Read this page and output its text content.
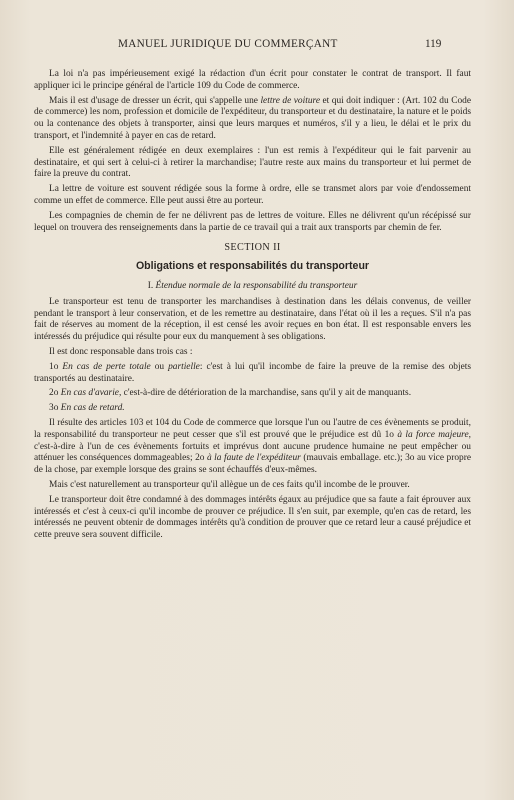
MANUEL JURIDIQUE DU COMMERÇANT	119

La loi n'a pas impérieusement exigé la rédaction d'un écrit pour constater le contrat de transport. Il faut appliquer ici le principe général de l'article 109 du Code de commerce.

Mais il est d'usage de dresser un écrit, qui s'appelle une lettre de voiture et qui doit indiquer : (Art. 102 du Code de commerce) les nom, profession et domicile de l'expéditeur, du transporteur et du destinataire, la nature et le poids ou la contenance des objets à transporter, ainsi que leurs marques et numéros, s'il y a lieu, le délai et le prix du transport, et l'indemnité à payer en cas de retard.

Elle est généralement rédigée en deux exemplaires : l'un est remis à l'expéditeur qui le fait parvenir au destinataire, et qui sert à celui-ci à retirer la marchandise; l'autre reste aux mains du transporteur et lui permet de faire la preuve du contrat.

La lettre de voiture est souvent rédigée sous la forme à ordre, elle se transmet alors par voie d'endossement comme un effet de commerce. Elle peut aussi être au porteur.

Les compagnies de chemin de fer ne délivrent pas de lettres de voiture. Elles ne délivrent qu'un récépissé sur lequel on trouvera des renseignements dans la partie de ce travail qui a trait aux transports par chemin de fer.

SECTION II
Obligations et responsabilités du transporteur
I. Étendue normale de la responsabilité du transporteur

Le transporteur est tenu de transporter les marchandises à destination dans les délais convenus, de veiller pendant le transport à leur conservation, et de les remettre au destinataire, dans l'état où il les a reçues. S'il n'a pas fait de réserves au moment de la réception, il est censé les avoir reçues en bon état. Il est responsable envers les intéressés du préjudice qui résulte pour eux du manquement à ses obligations.

Il est donc responsable dans trois cas :

1o En cas de perte totale ou partielle: c'est à lui qu'il incombe de faire la preuve de la remise des objets transportés au destinataire.

2o En cas d'avarie, c'est-à-dire de détérioration de la marchandise, sans qu'il y ait de manquants.

3o En cas de retard.

Il résulte des articles 103 et 104 du Code de commerce que lorsque l'un ou l'autre de ces évènements se produit, la responsabilité du transporteur ne peut cesser que s'il est prouvé que le préjudice est dû 1o à la force majeure, c'est-à-dire à l'un de ces évènements fortuits et imprévus dont aucune prudence humaine ne peut empêcher ou atténuer les conséquences dommageables; 2o à la faute de l'expéditeur (mauvais emballage. etc.); 3o au vice propre de la chose, par exemple lorsque des grains se sont échauffés d'eux-mêmes.

Mais c'est naturellement au transporteur qu'il allègue un de ces faits qu'il incombe de le prouver.

Le transporteur doit être condamné à des dommages intérêts égaux au préjudice que sa faute a fait éprouver aux intéressés et c'est à ceux-ci qu'il incombe de prouver ce préjudice. Il s'en suit, par exemple, qu'en cas de retard, les intéressés ne peuvent obtenir de dommages intérêts qu'à condition de prouver que ce retard leur a causé préjudice et cette preuve sera souvent difficile.
